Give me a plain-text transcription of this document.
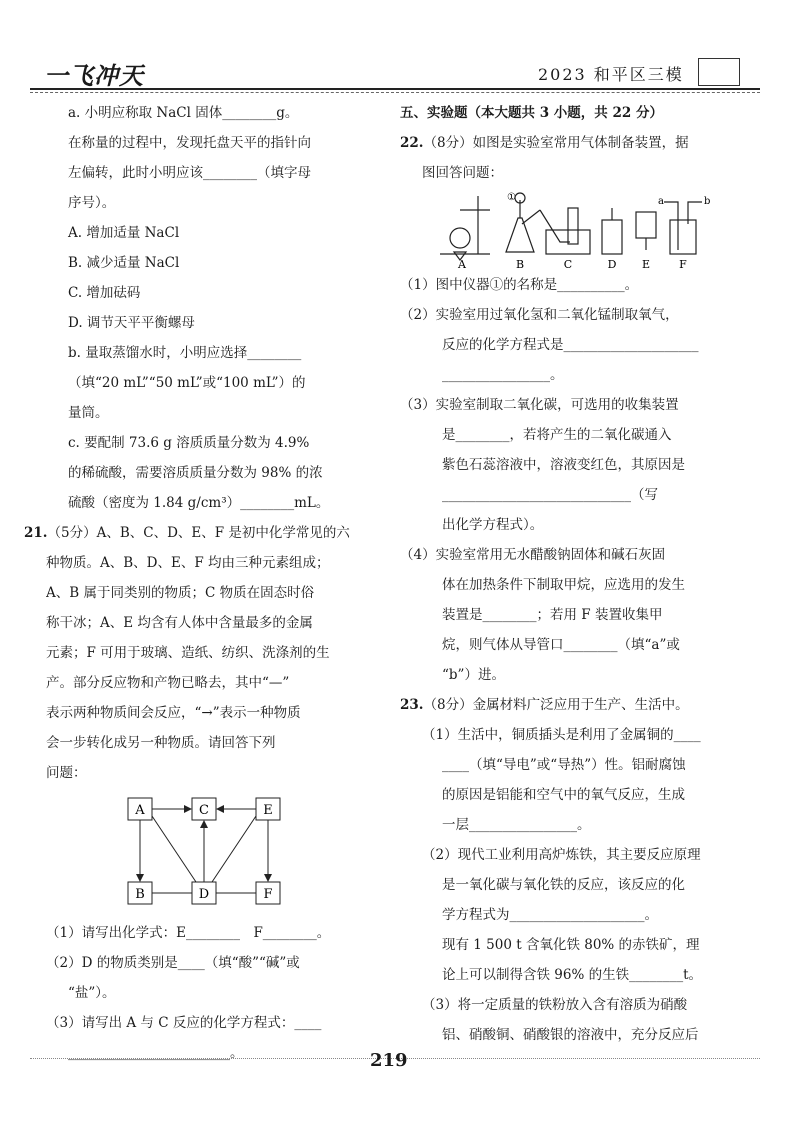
一飞冲天	2023 和平区三模
a. 小明应称取 NaCl 固体________g。
在称量的过程中，发现托盘天平的指针向
左偏转，此时小明应该________（填字母
序号）。
A. 增加适量 NaCl
B. 减少适量 NaCl
C. 增加砝码
D. 调节天平平衡螺母
b. 量取蒸馏水时，小明应选择________
（填“20 mL”“50 mL”或“100 mL”）的
量筒。
c. 要配制 73.6 g 溶质质量分数为 4.9%
的稀硫酸，需要溶质质量分数为 98% 的浓
硫酸（密度为 1.84 g/cm³）________mL。
21.（5分）A、B、C、D、E、F 是初中化学常见的六
种物质。A、B、D、E、F 均由三种元素组成；
A、B 属于同类别的物质；C 物质在固态时俗
称干冰；A、E 均含有人体中含量最多的金属
元素；F 可用于玻璃、造纸、纺织、洗涤剂的生
产。部分反应物和产物已略去，其中“—”
表示两种物质间会反应，“→”表示一种物质
会一步转化成另一种物质。请回答下列
问题：
A	C	E
B	D	F
（1）请写出化学式：E________　F________。
（2）D 的物质类别是____（填“酸”“碱”或
“盐”）。
（3）请写出 A 与 C 反应的化学方程式：____
________________________。
五、实验题（本大题共 3 小题，共 22 分）
22.（8分）如图是实验室常用气体制备装置，据
图回答问题：
①	a	b
A	B	C	D E	F
（1）图中仪器①的名称是__________。
（2）实验室用过氧化氢和二氧化锰制取氧气，
反应的化学方程式是____________________
________________。
（3）实验室制取二氧化碳，可选用的收集装置
是________，若将产生的二氧化碳通入
紫色石蕊溶液中，溶液变红色，其原因是
____________________________（写
出化学方程式）。
（4）实验室常用无水醋酸钠固体和碱石灰固
体在加热条件下制取甲烷，应选用的发生
装置是________；若用 F 装置收集甲
烷，则气体从导管口________（填“a”或
“b”）进。
23.（8分）金属材料广泛应用于生产、生活中。
（1）生活中，铜质插头是利用了金属铜的____
____（填“导电”或“导热”）性。铝耐腐蚀
的原因是铝能和空气中的氧气反应，生成
一层________________。
（2）现代工业利用高炉炼铁，其主要反应原理
是一氧化碳与氧化铁的反应，该反应的化
学方程式为____________________。
现有 1 500 t 含氧化铁 80% 的赤铁矿，理
论上可以制得含铁 96% 的生铁________t。
（3）将一定质量的铁粉放入含有溶质为硝酸
铝、硝酸铜、硝酸银的溶液中，充分反应后
219
